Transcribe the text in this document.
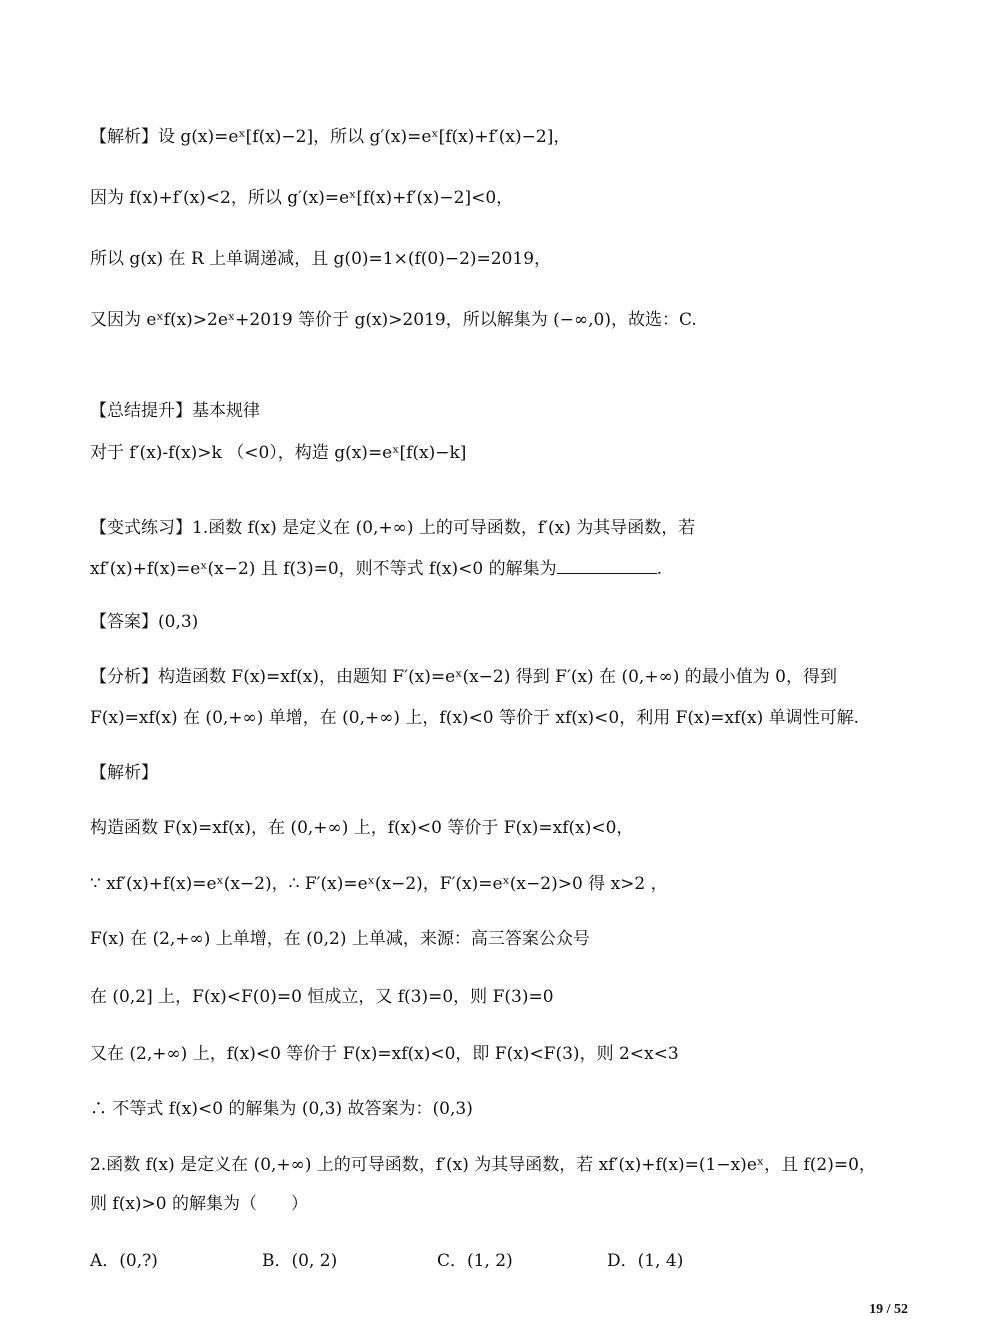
【解析】设 g(x)=eˣ[f(x)−2]，所以 g′(x)=eˣ[f(x)+f′(x)−2]，
因为 f(x)+f′(x)<2，所以 g′(x)=eˣ[f(x)+f′(x)−2]<0，
所以 g(x) 在 R 上单调递减，且 g(0)=1×(f(0)−2)=2019，
又因为 eˣf(x)>2eˣ+2019 等价于 g(x)>2019，所以解集为 (−∞,0)，故选：C.
【总结提升】基本规律
对于 f′(x)-f(x)>k （<0），构造 g(x)=eˣ[f(x)−k]
【变式练习】1.函数 f(x) 是定义在 (0,+∞) 上的可导函数，f′(x) 为其导函数，若
xf′(x)+f(x)=eˣ(x−2) 且 f(3)=0，则不等式 f(x)<0 的解集为	.
【答案】(0,3)
【分析】构造函数 F(x)=xf(x)，由题知 F′(x)=eˣ(x−2) 得到 F′(x) 在 (0,+∞) 的最小值为 0，得到
F(x)=xf(x) 在 (0,+∞) 单增，在 (0,+∞) 上，f(x)<0 等价于 xf(x)<0，利用 F(x)=xf(x) 单调性可解.
【解析】
构造函数 F(x)=xf(x)，在 (0,+∞) 上，f(x)<0 等价于 F(x)=xf(x)<0，
∵ xf′(x)+f(x)=eˣ(x−2)，∴ F′(x)=eˣ(x−2)，F′(x)=eˣ(x−2)>0 得 x>2 ，
F(x) 在 (2,+∞) 上单增，在 (0,2) 上单减，来源：高三答案公众号
在 (0,2] 上，F(x)<F(0)=0 恒成立，又 f(3)=0，则 F(3)=0
又在 (2,+∞) 上，f(x)<0 等价于 F(x)=xf(x)<0，即 F(x)<F(3)，则 2<x<3
∴ 不等式 f(x)<0 的解集为 (0,3) 故答案为：(0,3)
2.函数 f(x) 是定义在 (0,+∞) 上的可导函数，f′(x) 为其导函数，若 xf′(x)+f(x)=(1−x)eˣ，且 f(2)=0，
则 f(x)>0 的解集为（　　）
A．(0,?)	B．(0, 2)	C．(1, 2)	D．(1, 4)
19 / 52
